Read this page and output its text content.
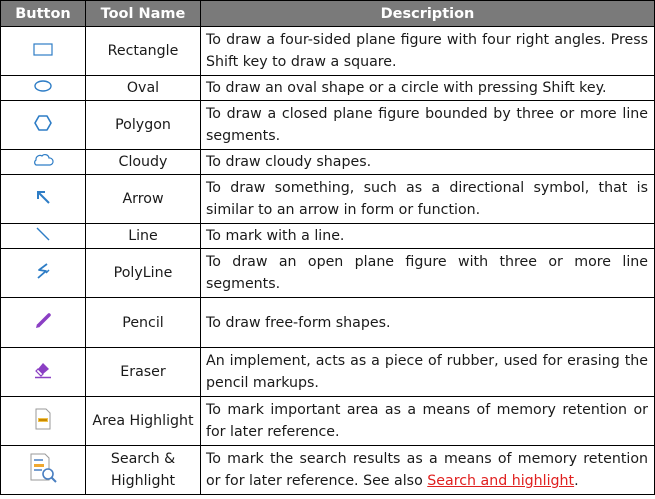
Button	Tool Name	Description
	Rectangle	To draw a four-sided plane figure with four right angles. Press Shift key to draw a square.
	Oval	To draw an oval shape or a circle with pressing Shift key.
	Polygon	To draw a closed plane figure bounded by three or more line segments.
	Cloudy	To draw cloudy shapes.
	Arrow	To draw something, such as a directional symbol, that is similar to an arrow in form or function.
	Line	To mark with a line.
	PolyLine	To draw an open plane figure with three or more line segments.
	Pencil	To draw free-form shapes.
	Eraser	An implement, acts as a piece of rubber, used for erasing the pencil markups.
	Area Highlight	To mark important area as a means of memory retention or for later reference.
	Search & Highlight	To mark the search results as a means of memory retention or for later reference. See also Search and highlight.
